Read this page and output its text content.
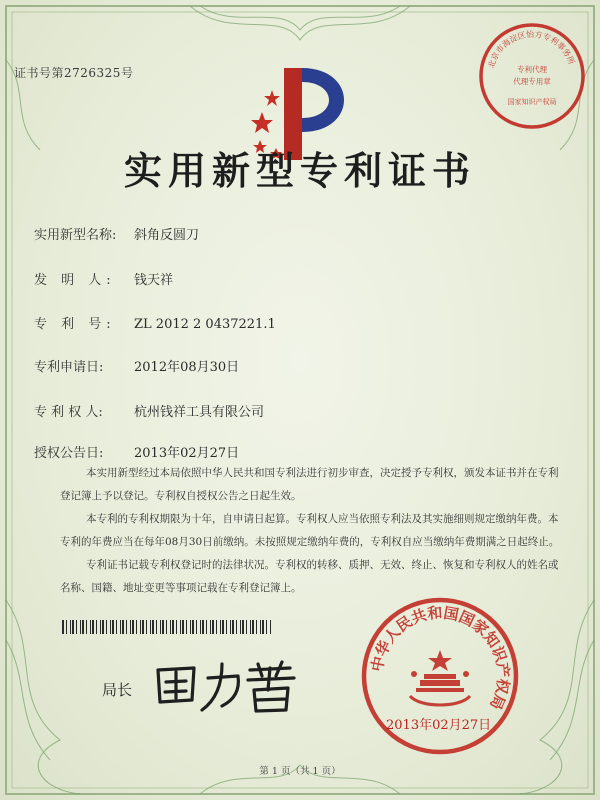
证书号第2726325号
实用新型专利证书
实用新型名称: 斜角反圆刀
发 明 人: 钱天祥
专 利 号: ZL 2012 2 0437221.1
专利申请日: 2012年08月30日
专 利 权 人: 杭州钱祥工具有限公司
授权公告日: 2013年02月27日
本实用新型经过本局依照中华人民共和国专利法进行初步审查，决定授予专利权，颁发本证书并在专利登记簿上予以登记。专利权自授权公告之日起生效。
本专利的专利权期限为十年，自申请日起算。专利权人应当依照专利法及其实施细则规定缴纳年费。本专利的年费应当在每年08月30日前缴纳。未按照规定缴纳年费的，专利权自应当缴纳年费期满之日起终止。
专利证书记载专利权登记时的法律状况。专利权的转移、质押、无效、终止、恢复和专利权人的姓名或名称、国籍、地址变更等事项记载在专利登记簿上。
局长
北京市海淀区怡方专利事务所
专利代理
代理专用章
国家知识产权局
中华人民共和国国家知识产权局
2013年02月27日
第 1 页（共 1 页）
